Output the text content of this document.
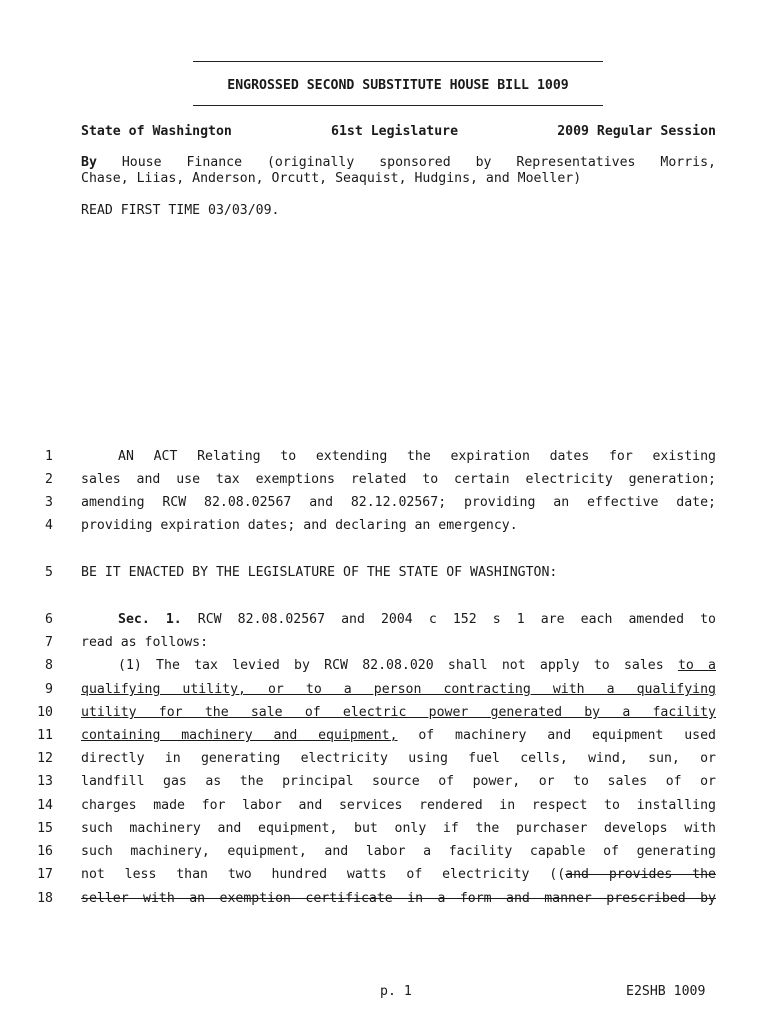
ENGROSSED SECOND SUBSTITUTE HOUSE BILL 1009
State of Washington	61st Legislature	2009 Regular Session
By House Finance (originally sponsored by Representatives Morris,
Chase, Liias, Anderson, Orcutt, Seaquist, Hudgins, and Moeller)
READ FIRST TIME 03/03/09.
1
2
3
4
5
6
7
8
9
10
11
12
13
14
15
16
17
18
AN ACT Relating to extending the expiration dates for existing
sales and use tax exemptions related to certain electricity generation;
amending RCW 82.08.02567 and 82.12.02567; providing an effective date;
providing expiration dates; and declaring an emergency.
BE IT ENACTED BY THE LEGISLATURE OF THE STATE OF WASHINGTON:
Sec. 1. RCW 82.08.02567 and 2004 c 152 s 1 are each amended to
read as follows:
(1) The tax levied by RCW 82.08.020 shall not apply to sales to a
qualifying utility, or to a person contracting with a qualifying
utility for the sale of electric power generated by a facility
containing machinery and equipment, of machinery and equipment used
directly in generating electricity using fuel cells, wind, sun, or
landfill gas as the principal source of power, or to sales of or
charges made for labor and services rendered in respect to installing
such machinery and equipment, but only if the purchaser develops with
such machinery, equipment, and labor a facility capable of generating
not less than two hundred watts of electricity ((and provides the
seller with an exemption certificate in a form and manner prescribed by
p. 1	E2SHB 1009
